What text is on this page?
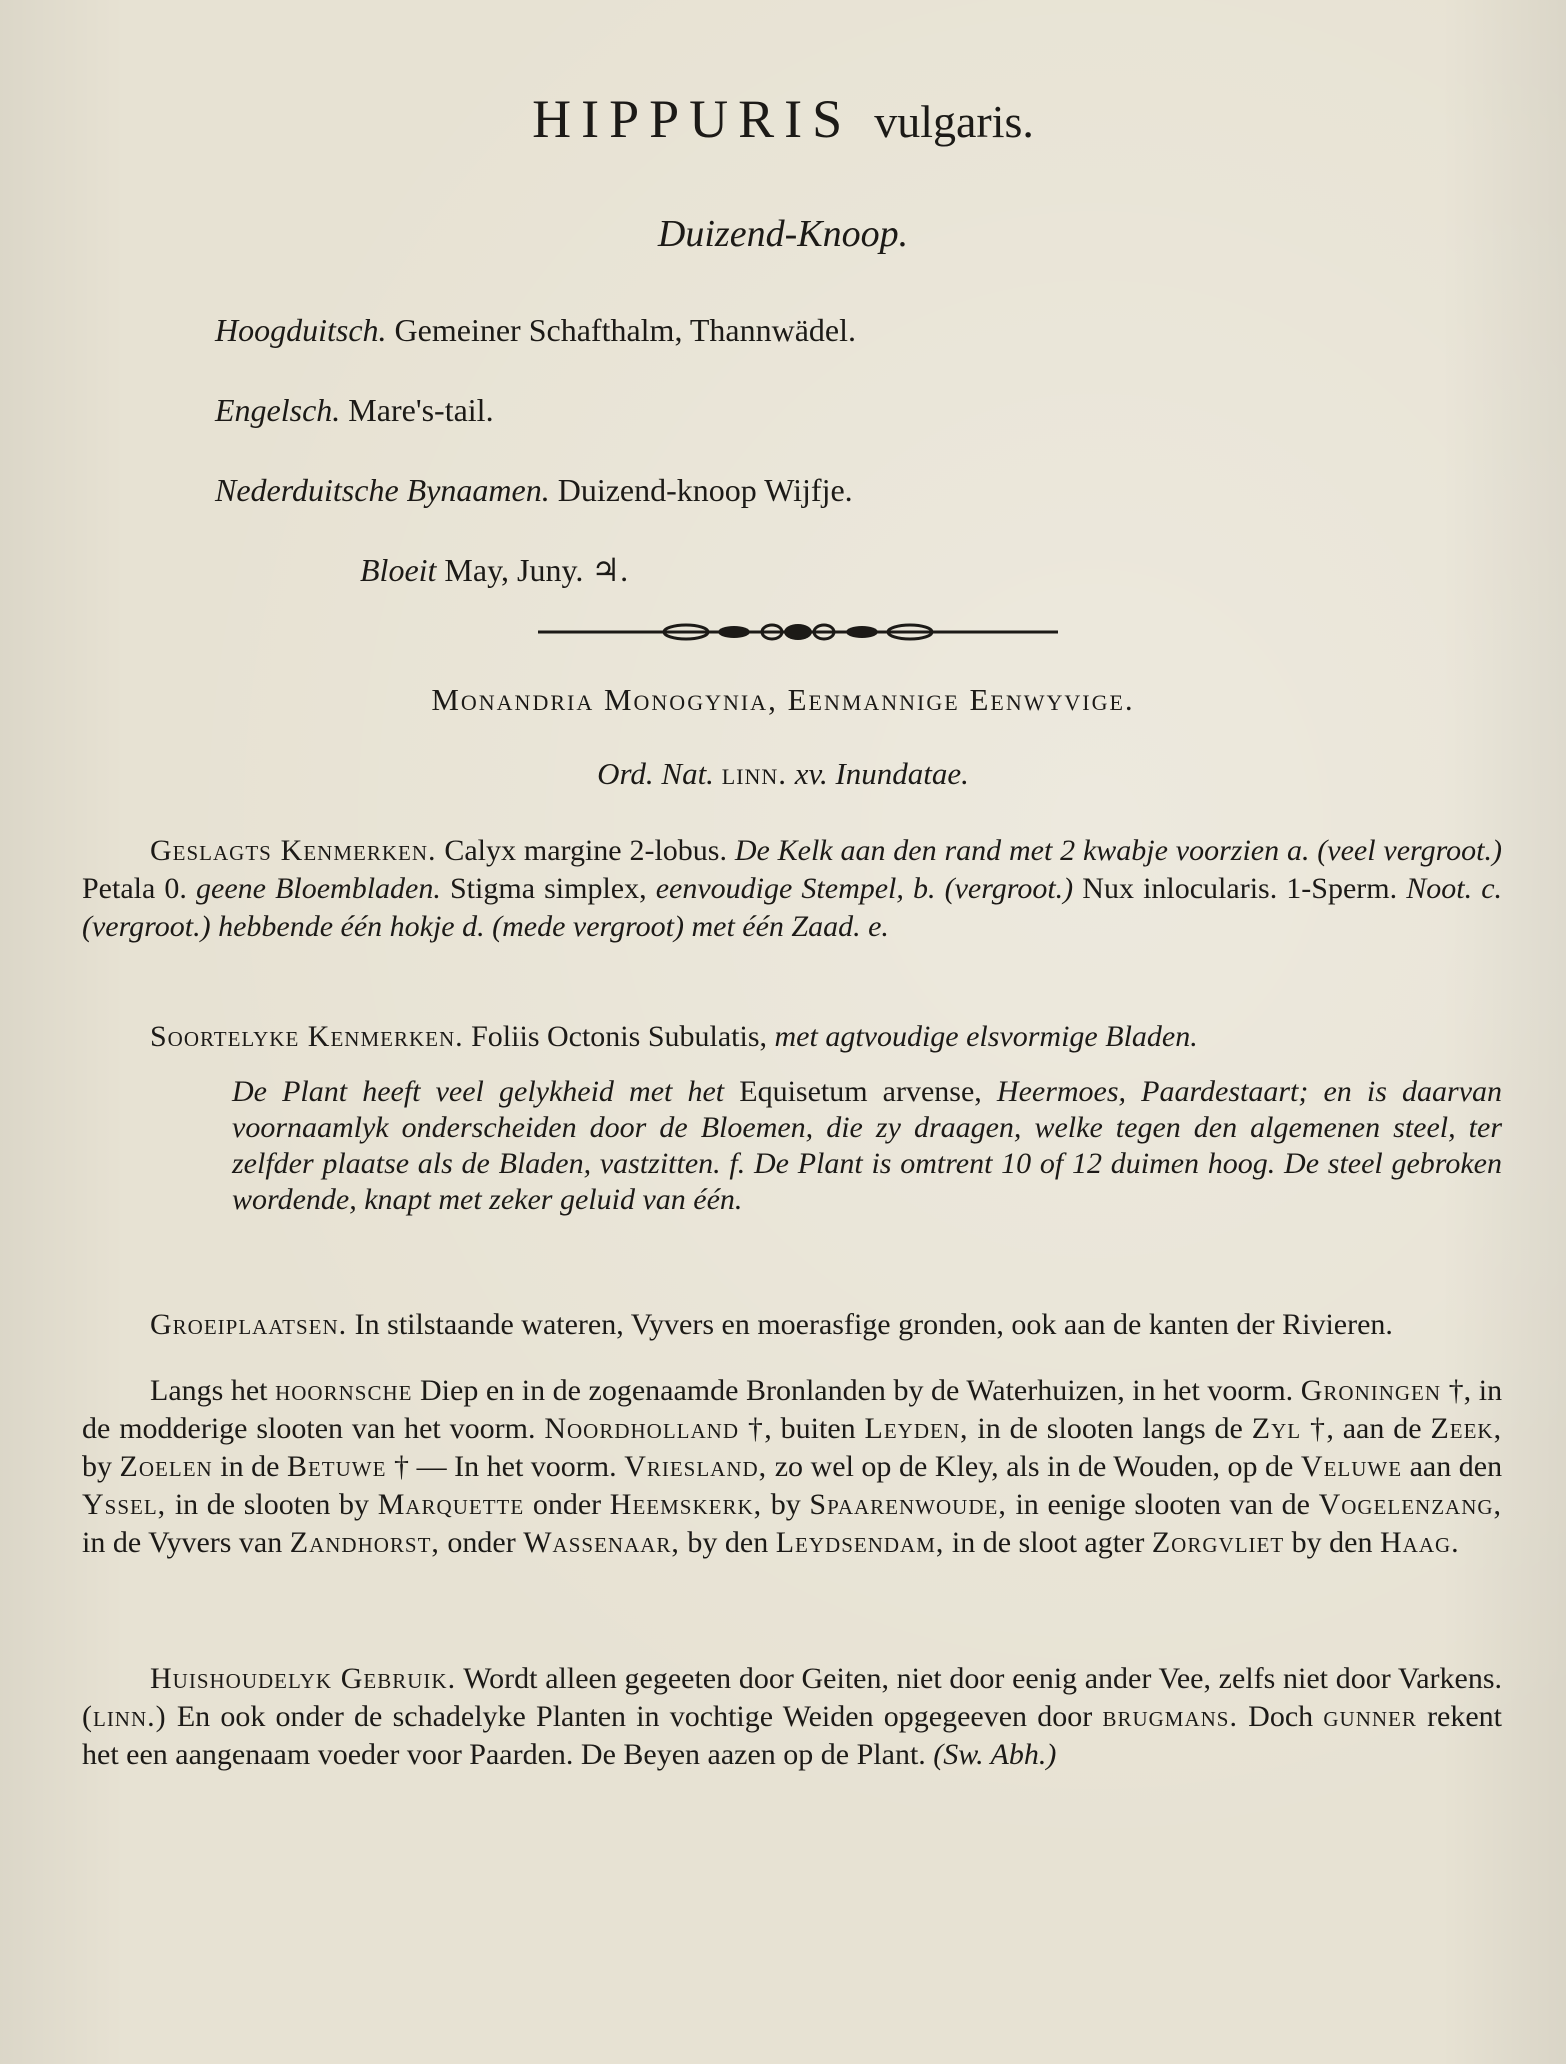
HIPPURIS vulgaris.
Duizend-Knoop.
Hoogduitsch. Gemeiner Schafthalm, Thannwädel.
Engelsch. Mare's-tail.
Nederduitsche Bynaamen. Duizend-knoop Wijfje.
Bloeit May, Juny. ♃.
Monandria Monogynia, Eenmannige Eenwyvige.
Ord. Nat. linn. xv. Inundatae.

Geslagts Kenmerken. Calyx margine 2-lobus. De Kelk aan den rand met 2 kwabje voorzien a. (veel vergroot.) Petala 0. geene Bloembladen. Stigma simplex, eenvoudige Stempel, b. (vergroot.) Nux inlocularis. 1-Sperm. Noot. c. (vergroot.) hebbende één hokje d. (mede vergroot) met één Zaad. e.

Soortelyke Kenmerken. Foliis Octonis Subulatis, met agtvoudige elsvormige Bladen.

De Plant heeft veel gelykheid met het Equisetum arvense, Heermoes, Paardestaart; en is daarvan voornaamlyk onderscheiden door de Bloemen, die zy draagen, welke tegen den algemenen steel, ter zelfder plaatse als de Bladen, vastzitten. f. De Plant is omtrent 10 of 12 duimen hoog. De steel gebroken wordende, knapt met zeker geluid van één.

Groeiplaatsen. In stilstaande wateren, Vyvers en moerasfige gronden, ook aan de kanten der Rivieren.

Langs het hoornsche Diep en in de zogenaamde Bronlanden by de Waterhuizen, in het voorm. Groningen †, in de modderige slooten van het voorm. Noordholland †, buiten Leyden, in de slooten langs de Zyl †, aan de Zeek, by Zoelen in de Betuwe † — In het voorm. Vriesland, zo wel op de Kley, als in de Wouden, op de Veluwe aan den Yssel, in de slooten by Marquette onder Heemskerk, by Spaarenwoude, in eenige slooten van de Vogelenzang, in de Vyvers van Zandhorst, onder Wassenaar, by den Leydsendam, in de sloot agter Zorgvliet by den Haag.

Huishoudelyk Gebruik. Wordt alleen gegeeten door Geiten, niet door eenig ander Vee, zelfs niet door Varkens. (linn.) En ook onder de schadelyke Planten in vochtige Weiden opgegeeven door brugmans. Doch gunner rekent het een aangenaam voeder voor Paarden. De Beyen aazen op de Plant. (Sw. Abh.)
